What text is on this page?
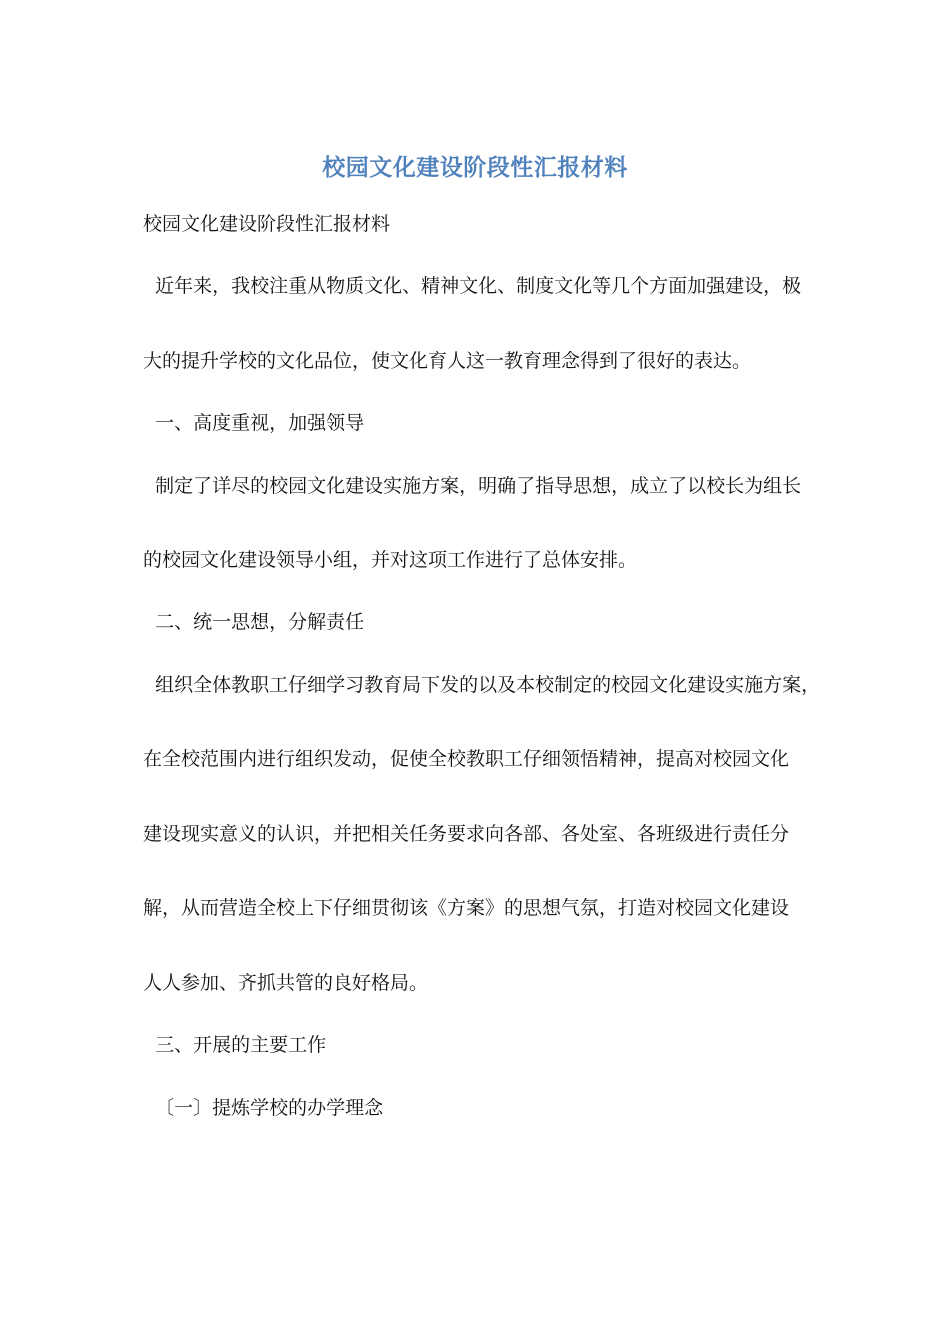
校园文化建设阶段性汇报材料
校园文化建设阶段性汇报材料
近年来，我校注重从物质文化、精神文化、制度文化等几个方面加强建设，极
大的提升学校的文化品位，使文化育人这一教育理念得到了很好的表达。
一、高度重视，加强领导
制定了详尽的校园文化建设实施方案，明确了指导思想，成立了以校长为组长
的校园文化建设领导小组，并对这项工作进行了总体安排。
二、统一思想，分解责任
组织全体教职工仔细学习教育局下发的以及本校制定的校园文化建设实施方案，
在全校范围内进行组织发动，促使全校教职工仔细领悟精神，提高对校园文化
建设现实意义的认识，并把相关任务要求向各部、各处室、各班级进行责任分
解，从而营造全校上下仔细贯彻该《方案》的思想气氛，打造对校园文化建设
人人参加、齐抓共管的良好格局。
三、开展的主要工作
〔一〕提炼学校的办学理念
